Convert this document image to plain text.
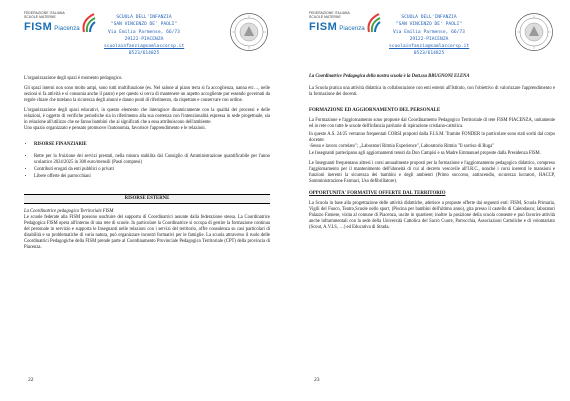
FEDERAZIONE ITALIANA
SCUOLE MATERNE
FISM Piacenza
SCUOLA DELL'INFANZIA
"SAN VINCENZO DE' PAOLI"
Via Emilia Parmense, 66/73
29122-PIACENZA
scuolainfanzia@samlaccorsp.it
0523/614825

L'organizzazione degli spazi è momento pedagogico.

Gli spazi interni non sono molto ampi, sono tutti multifunzione (es. Nel salone al piano terra si fa accoglienza, nanna etc…, nelle sezioni si fa attività e si consuma anche il pasto) e per questo si cerca di mantenere un aspetto accogliente pur essendo governati da regole chiare che tutelano la sicurezza degli alunni e danno punti di riferimento, da rispettare e conservare con ordine.

L'organizzazione degli spazi educativi, in questo elemento che interagisce dinamicamente con la qualità dei processi e delle relazioni, è oggetto di verifiche periodiche sia in riferimento alla sua coerenza con l'intenzionalità espressa in sede progettuale, sia in relazione all'utilizzo che ne fanno bambini che ai significati che a essa attribuiscono dell'ambiente.

Uno spazio organizzato e pensato promuove l'autonomia, favorisce l'apprendimento e le relazioni.

• RISORSE FINANZIARIE
• Rette per la fruizione dei servizi prestati, nella misura stabilita dal Consiglio di Amministrazione quantificabile per l'anno scolastico 2024/2025 in 300 euro/mensili (Pasti compresi)
• Contributi erogati da enti pubblici o privati
• Libere offerte dei parrocchiani
RISORSE ESTERNE

La Coordinatrice pedagogica Territoriale FISM

Le scuole federate alla FISM possono usufruire del supporto di Coordinatrici assunte dalla federazione stessa. La Coordinatrice Pedagogica FISM opera all'interno di una rete di scuole. In particolare la Coordinatrice si occupa di gestire la formazione continua del personale in servizio e supporta le Insegnanti nelle relazioni con i servizi del territorio, offre consulenza su casi particolari di disabilità e su problematiche di varia natura, può organizzare incontri formativi per le famiglie. La scuola attraverso il ruolo delle Coordinatrici Pedagogiche della FISM prende parte al Coordinamento Provinciale Pedagogico Territoriale (CPT) della provincia di Piacenza.

22
FEDERAZIONE ITALIANA
SCUOLE MATERNE
FISM Piacenza
SCUOLA DELL'INFANZIA
"SAN VINCENZO DE' PAOLI"
Via Emilia Parmense, 66/73
29122-PIACENZA
scuolainfanzia@samlaccorsp.it
0523/614825

La Coordinatrice Pedagogica della nostra scuola è la Dott.ssa BRUGNONI ELENA

La Scuola pratica una attività didattica in collaborazione con enti esterni all'Istituto, con l'obiettivo di valorizzare l'apprendimento e la formazione dei docenti.

FORMAZIONE ED AGGIORNAMENTO DEL PERSONALE

La Formazione e l'aggiornamento sono proposte dal Coordinamento Pedagogico Territoriale di rete FISM PIACENZA, unitamente ed in rete con tutte le scuole dell'infanzia paritarie di ispirazione cristiana-cattolica.

In questo A.S. 24/25 verranno frequentati CORSI proposti dalla F.I.S.M. Tramite FONDER in particolare sono stati scelti dal corpo docente:

-Sesso e lavoro correlato"; „Laboratori Ritmia Experience", Laboratorio Ritmia "Il sorriso di Ruga"

Le Insegnanti partecipano agli aggiornamenti tenuti da Don Campisi e sa Madre Emmanuel proposte dalla Presidenza FISM.

Le Insegnanti frequentano altresì i corsi annualmente proposti per la formazione e l'aggiornamento pedagogico didattico, compreso l'aggiornamento per il mantenimento dell'idoneità di cui al decreto vescovile all'I.R.C., nonché i corsi inerenti le mansioni e funzioni inerenti la sicurezza dei bambini e degli ambienti (Primo soccorso, antincendio, sicurezza lucratori, HACCP, Somministrazione Farmaci, Uso defibrillatore).

OPPORTUNITA' FORMATIVE OFFERTE DAL TERRITORIO

La Scuola in base alla progettazione delle attività didattiche, aderisce a proposte offerte dai seguenti enti: FISM, Scuola Primaria, Vigili del Fuoco, Teatro,Scuole nello sport, (Piscina per bambini dell'ultimo anno), gita presso il castello di Calendasco; laboratori Palazzo Farnese, visita al comune di Piacenza, uscite in quartiere; inoltre la posizione della scuola consente e può favorire attività anche inframmentali con la sede della Università Cattolica del Sacro Cuore, Parrocchia, Associazioni Cattoliche e di volontariato (Scout, A.V.I.S, …) ed Educativa di Strada.

23
